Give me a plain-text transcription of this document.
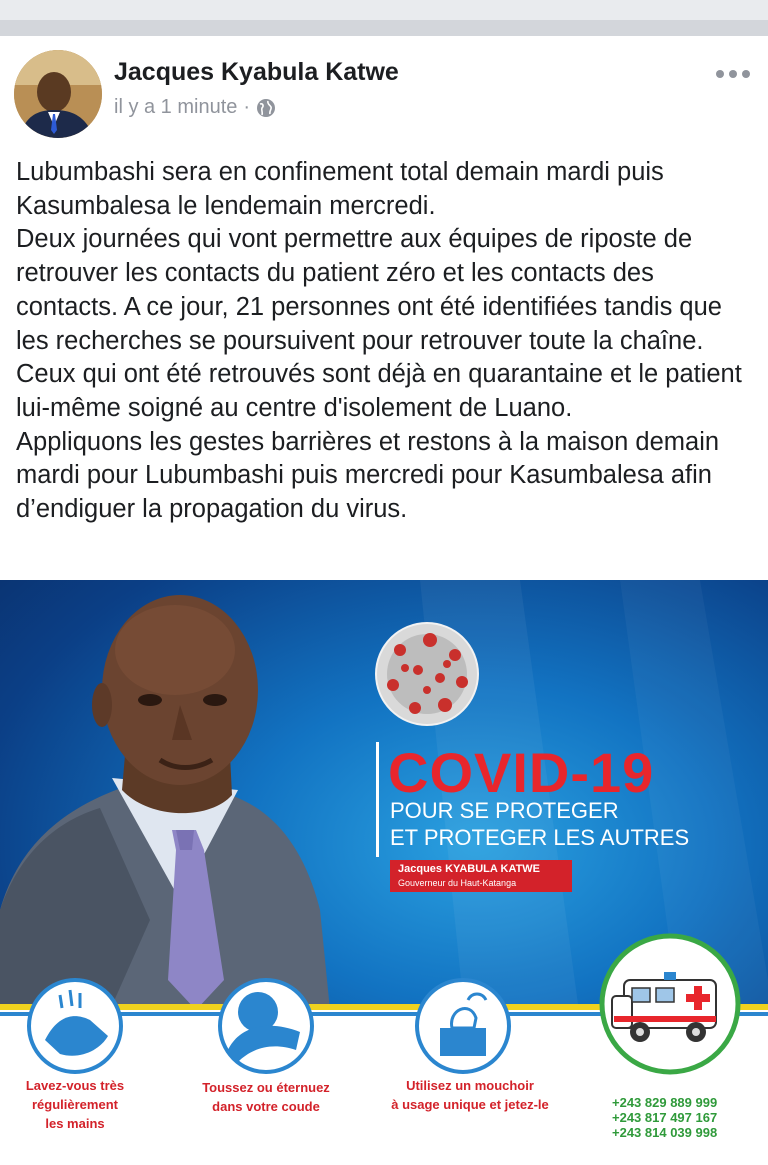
Jacques Kyabula Katwe
il y a 1 minute ·

Lubumbashi sera en confinement total demain mardi puis Kasumbalesa le lendemain mercredi.

Deux journées qui vont permettre aux équipes de riposte de retrouver les contacts du patient zéro et les contacts des contacts. A ce jour, 21 personnes ont été identifiées tandis que les recherches se poursuivent pour retrouver toute la chaîne. Ceux qui ont été retrouvés sont déjà en quarantaine et le patient lui-même soigné au centre d'isolement de Luano.

Appliquons les gestes barrières et restons à la maison demain mardi pour Lubumbashi puis mercredi pour Kasumbalesa afin d’endiguer la propagation du virus.

COVID-19
POUR SE PROTEGER
ET PROTEGER LES AUTRES
Jacques KYABULA KATWE
Gouverneur du Haut-Katanga
Lavez-vous très
régulièrement
les mains
Toussez ou éternuez
dans votre coude
Utilisez un mouchoir
à usage unique et jetez-le	+243 829 889 999
+243 817 497 167
+243 814 039 998
